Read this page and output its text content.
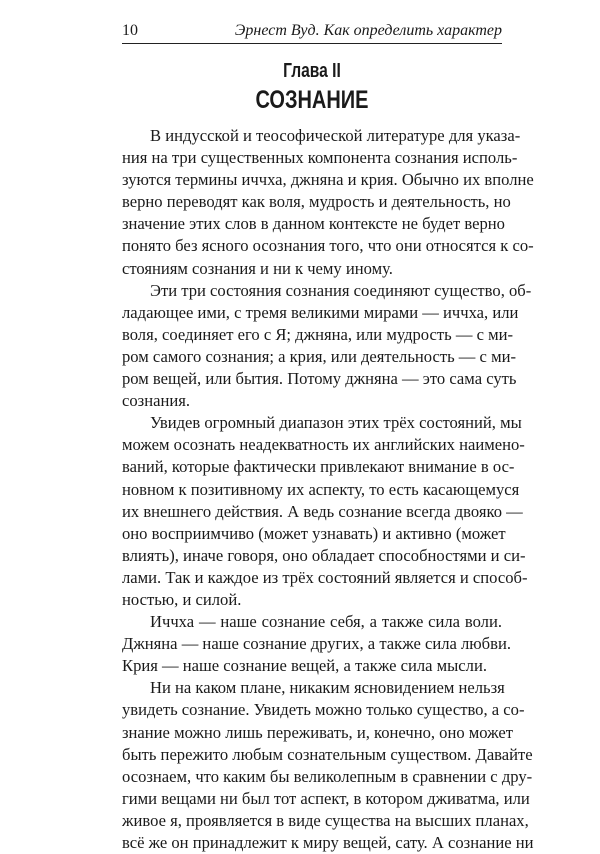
10	Эрнест Вуд. Как определить характер
Глава II
СОЗНАНИЕ
В индусской и теософической литературе для указа-
ния на три существенных компонента сознания исполь-
зуются термины иччха, джняна и крия. Обычно их вполне
верно переводят как воля, мудрость и деятельность, но
значение этих слов в данном контексте не будет верно
понято без ясного осознания того, что они относятся к со-
стояниям сознания и ни к чему иному.
Эти три состояния сознания соединяют существо, об-
ладающее ими, с тремя великими мирами — иччха, или
воля, соединяет его с Я; джняна, или мудрость — с ми-
ром самого сознания; а крия, или деятельность — с ми-
ром вещей, или бытия. Потому джняна — это сама суть
сознания.
Увидев огромный диапазон этих трёх состояний, мы
можем осознать неадекватность их английских наимено-
ваний, которые фактически привлекают внимание в ос-
новном к позитивному их аспекту, то есть касающемуся
их внешнего действия. А ведь сознание всегда двояко —
оно восприимчиво (может узнавать) и активно (может
влиять), иначе говоря, оно обладает способностями и си-
лами. Так и каждое из трёх состояний является и способ-
ностью, и силой.
Иччха — наше сознание себя, а также сила воли.
Джняна — наше сознание других, а также сила любви.
Крия — наше сознание вещей, а также сила мысли.
Ни на каком плане, никаким ясновидением нельзя
увидеть сознание. Увидеть можно только существо, а со-
знание можно лишь переживать, и, конечно, оно может
быть пережито любым сознательным существом. Давайте
осознаем, что каким бы великолепным в сравнении с дру-
гими вещами ни был тот аспект, в котором дживатма, или
живое я, проявляется в виде существа на высших планах,
всё же он принадлежит к миру вещей, сату. А сознание ни
